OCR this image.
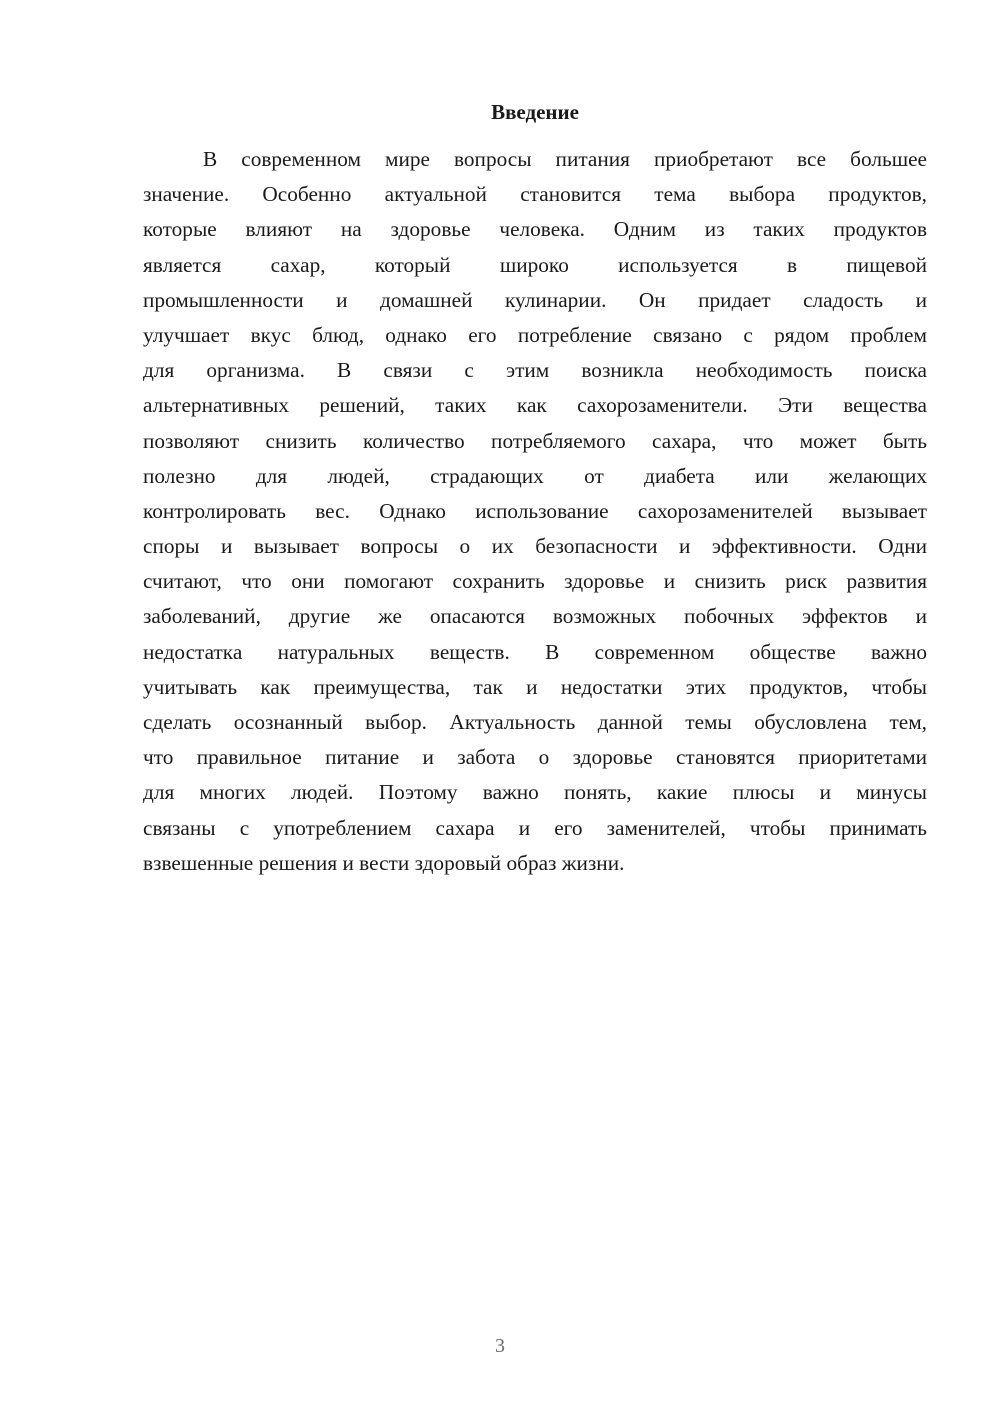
Введение
В современном мире вопросы питания приобретают все большее
значение. Особенно актуальной становится тема выбора продуктов,
которые влияют на здоровье человека. Одним из таких продуктов
является сахар, который широко используется в пищевой
промышленности и домашней кулинарии. Он придает сладость и
улучшает вкус блюд, однако его потребление связано с рядом проблем
для организма. В связи с этим возникла необходимость поиска
альтернативных решений, таких как сахорозаменители. Эти вещества
позволяют снизить количество потребляемого сахара, что может быть
полезно для людей, страдающих от диабета или желающих
контролировать вес. Однако использование сахорозаменителей вызывает
споры и вызывает вопросы о их безопасности и эффективности. Одни
считают, что они помогают сохранить здоровье и снизить риск развития
заболеваний, другие же опасаются возможных побочных эффектов и
недостатка натуральных веществ. В современном обществе важно
учитывать как преимущества, так и недостатки этих продуктов, чтобы
сделать осознанный выбор. Актуальность данной темы обусловлена тем,
что правильное питание и забота о здоровье становятся приоритетами
для многих людей. Поэтому важно понять, какие плюсы и минусы
связаны с употреблением сахара и его заменителей, чтобы принимать
взвешенные решения и вести здоровый образ жизни.

3
